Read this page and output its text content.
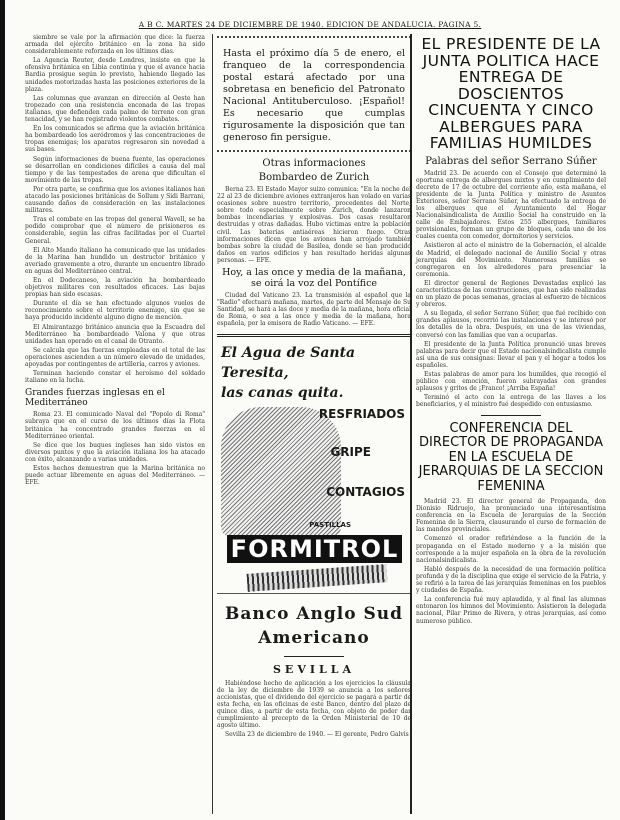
A B C. MARTES 24 DE DICIEMBRE DE 1940. EDICION DE ANDALUCIA. PAGINA 5.

siembre se vale por la afirmación que dice: la fuerza armada del ejército británico en la zona ha sido considerablemente reforzada en los últimos días.

La Agencia Reuter, desde Londres, insiste en que la ofensiva británica en Libia continúa y que el avance hacia Bardia prosigue según lo previsto, habiendo llegado las unidades motorizadas hasta las posiciones exteriores de la plaza.

Las columnas que avanzan en dirección al Oeste han tropezado con una resistencia enconada de las tropas italianas, que defienden cada palmo de terreno con gran tenacidad, y se han registrado violentos combates.

En los comunicados se afirma que la aviación británica ha bombardeado los aeródromos y las concentraciones de tropas enemigas; los aparatos regresaron sin novedad a sus bases.

Según informaciones de buena fuente, las operaciones se desarrollan en condiciones difíciles a causa del mal tiempo y de las tempestades de arena que dificultan el movimiento de las tropas.

Por otra parte, se confirma que los aviones italianos han atacado las posiciones británicas de Sollum y Sidi Barrani, causando daños de consideración en las instalaciones militares.

Tras el combate en las tropas del general Wavell, se ha podido comprobar que el número de prisioneros es considerable, según las cifras facilitadas por el Cuartel General.

El Alto Mando italiano ha comunicado que las unidades de la Marina han hundido un destructor británico y averiado gravemente a otro, durante un encuentro librado en aguas del Mediterráneo central.

En el Dodecaneso, la aviación ha bombardeado objetivos militares con resultados eficaces. Las bajas propias han sido escasas.

Durante el día se han efectuado algunos vuelos de reconocimiento sobre el territorio enemigo, sin que se haya producido incidente alguno digno de mención.

El Almirantazgo británico anuncia que la Escuadra del Mediterráneo ha bombardeado Valona y que otras unidades han operado en el canal de Otranto.

Se calcula que las fuerzas empleadas en el total de las operaciones ascienden a un número elevado de unidades, apoyadas por contingentes de artillería, carros y aviones.

Terminan haciendo constar el heroísmo del soldado italiano en la lucha.

Grandes fuerzas inglesas en el Mediterráneo

Roma 23. El comunicado Naval del "Popolo di Roma" subraya que en el curso de los últimos días la Flota británica ha concentrado grandes fuerzas en el Mediterráneo oriental.

Se dice que los buques ingleses han sido vistos en diversos puntos y que la aviación italiana los ha atacado con éxito, alcanzando a varias unidades.

Estos hechos demuestran que la Marina británica no puede actuar libremente en aguas del Mediterráneo. — EFE.

Hasta el próximo día 5 de enero, el franqueo de la correspondencia postal estará afectado por una sobretasa en beneficio del Patronato Nacional Antituberculoso. ¡Español! Es necesario que cumplas rigurosamente la disposición que tan generoso fin persigue.
Otras informaciones
Bombardeo de Zurich

Berna 23. El Estado Mayor suizo comunica: "En la noche del 22 al 23 de diciembre aviones extranjeros han volado en varias ocasiones sobre nuestro territorio, procedentes del Norte, sobre todo especialmente sobre Zurich, donde lanzaron bombas incendiarias y explosivas. Dos casas resultaron destruidas y otras dañadas. Hubo víctimas entre la población civil. Las baterías antiaéreas hicieron fuego. Otras informaciones dicen que los aviones han arrojado también bombas sobre la ciudad de Basilea, donde se han producido daños en varios edificios y han resultado heridas algunas personas. — EFE.

Hoy, a las once y media de la mañana, se oirá la voz del Pontífice

Ciudad del Vaticano 23. La transmisión al español que la "Radio" efectuará mañana, martes, de parte del Mensaje de Su Santidad, se hará a las doce y media de la mañana, hora oficial de Roma, o sea a las once y media de la mañana, hora española, por la emisora de Radio Vaticano. — EFE.

El Agua de Santa Teresita,
las canas quita.
RESFRIADOS
GRIPE
CONTAGIOS
PASTILLAS
FORMITROL
Banco Anglo Sud
Americano
SEVILLA

Habiéndose hecho de aplicación a los ejercicios la cláusula de la ley de diciembre de 1939 se anuncia a los señores accionistas, que el dividendo del ejercicio se pagará a partir de esta fecha, en las oficinas de este Banco, dentro del plazo de quince días, a partir de esta fecha, con objeto de poder dar cumplimiento al precepto de la Orden Ministerial de 10 de agosto último.

Sevilla 23 de diciembre de 1940. — El gerente, Pedro Galvis

EL PRESIDENTE DE LA JUNTA POLITICA HACE ENTREGA DE DOSCIENTOS CINCUENTA Y CINCO ALBERGUES PARA FAMILIAS HUMILDES
Palabras del señor Serrano Súñer

Madrid 23. De acuerdo con el Consejo que determinó la oportuna entrega de albergues mixtos y en cumplimiento del decreto de 17 de octubre del corriente año, esta mañana, el presidente de la Junta Política y ministro de Asuntos Exteriores, señor Serrano Súñer, ha efectuado la entrega de los albergues que el Ayuntamiento del Hogar Nacionalsindicalista de Auxilio Social ha construido en la calle de Embajadores. Estos 255 albergues, familiares provisionales, forman un grupo de bloques, cada uno de los cuales cuenta con comedor, dormitorios y servicios.

Asistieron al acto el ministro de la Gobernación, el alcalde de Madrid, el delegado nacional de Auxilio Social y otras jerarquías del Movimiento. Numerosas familias se congregaron en los alrededores para presenciar la ceremonia.

El director general de Regiones Devastadas explicó las características de las construcciones, que han sido realizadas en un plazo de pocas semanas, gracias al esfuerzo de técnicos y obreros.

A su llegada, el señor Serrano Súñer, que fué recibido con grandes aplausos, recorrió las instalaciones y se interesó por los detalles de la obra. Después, en una de las viviendas, conversó con las familias que van a ocuparlas.

El presidente de la Junta Política pronunció unas breves palabras para decir que el Estado nacionalsindicalista cumple así una de sus consignas: llevar el pan y el hogar a todos los españoles.

Estas palabras de amor para los humildes, que recogió el público con emoción, fueron subrayadas con grandes aplausos y gritos de ¡Franco! ¡Arriba España!

Terminó el acto con la entrega de las llaves a los beneficiarios, y el ministro fué despedido con entusiasmo.

CONFERENCIA DEL DIRECTOR DE PROPAGANDA EN LA ESCUELA DE JERARQUIAS DE LA SECCION FEMENINA

Madrid 23. El director general de Propaganda, don Dionisio Ridruejo, ha pronunciado una interesantísima conferencia en la Escuela de Jerarquías de la Sección Femenina de la Sierra, clausurando el curso de formación de las mandos provinciales.

Comenzó el orador refiriéndose a la función de la propaganda en el Estado moderno y a la misión que corresponde a la mujer española en la obra de la revolución nacionalsindicalista.

Habló después de la necesidad de una formación política profunda y de la disciplina que exige el servicio de la Patria, y se refirió a la tarea de las jerarquías femeninas en los pueblos y ciudades de España.

La conferencia fué muy aplaudida, y al final las alumnas entonaron los himnos del Movimiento. Asistieron la delegada nacional, Pilar Primo de Rivera, y otras jerarquías, así como numeroso público.
